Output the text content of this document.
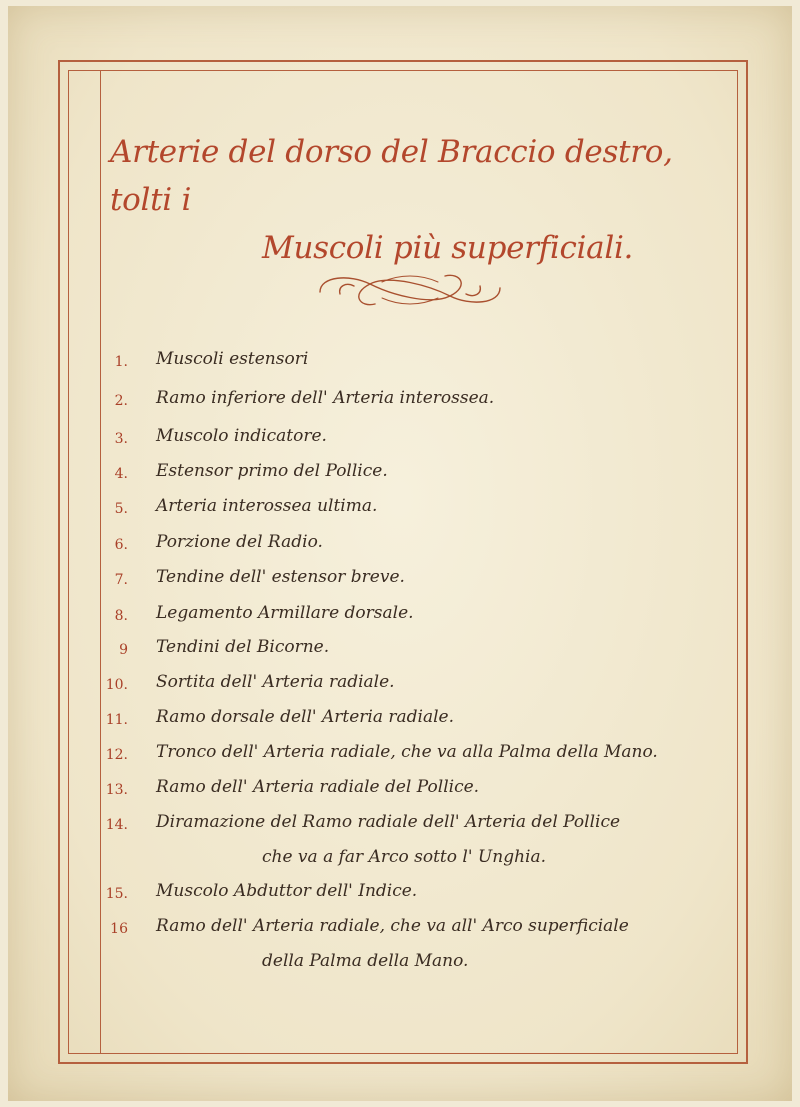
Arterie del dorso del Braccio destro, tolti i
Muscoli più superficiali.
1. Muscoli estensori
2. Ramo inferiore dell' Arteria interossea.
3. Muscolo indicatore.
4. Estensor primo del Pollice.
5. Arteria interossea ultima.
6. Porzione del Radio.
7. Tendine dell' estensor breve.
8. Legamento Armillare dorsale.
9 Tendini del Bicorne.
10. Sortita dell' Arteria radiale.
11. Ramo dorsale dell' Arteria radiale.
12. Tronco dell' Arteria radiale, che va alla Palma della Mano.
13. Ramo dell' Arteria radiale del Pollice.
14. Diramazione del Ramo radiale dell' Arteria del Pollice
che va a far Arco sotto l' Unghia.
15. Muscolo Abduttor dell' Indice.
16 Ramo dell' Arteria radiale, che va all' Arco superficiale
della Palma della Mano.
